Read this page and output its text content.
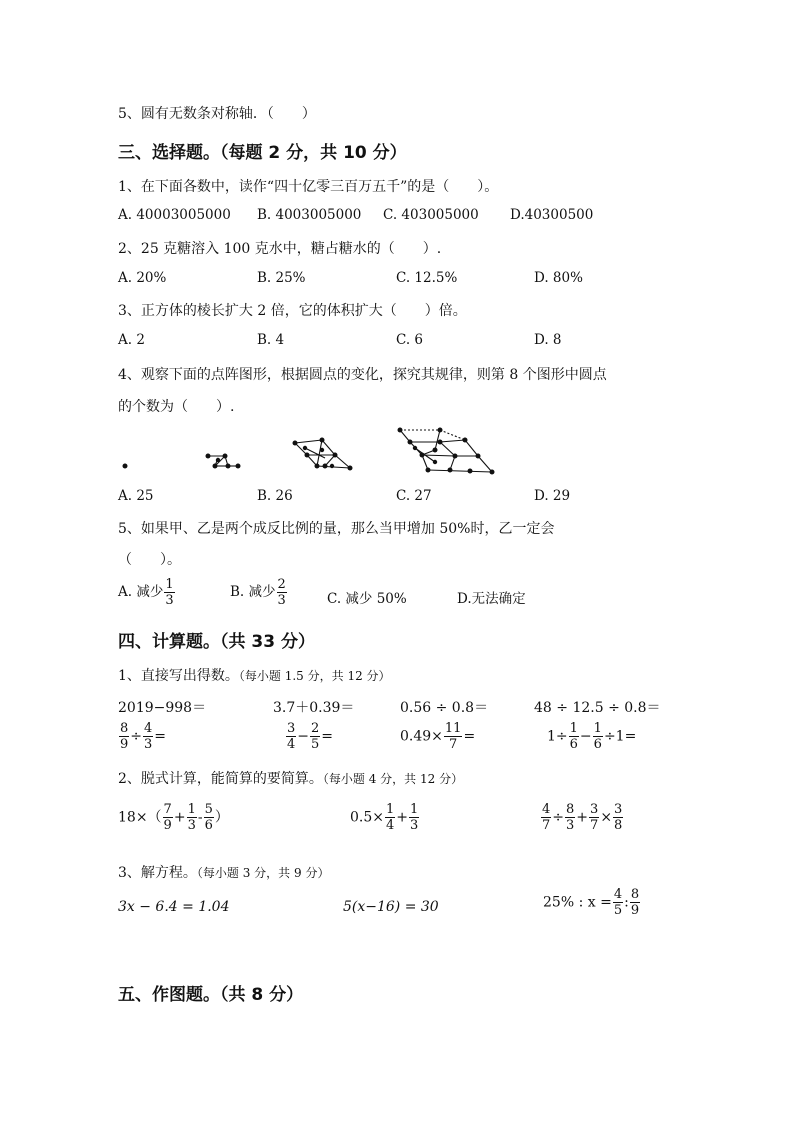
5、圆有无数条对称轴．（　　）
三、选择题。（每题 2 分，共 10 分）
1、在下面各数中，读作“四十亿零三百万五千”的是（　　）。
A. 40003005000 B. 4003005000 C. 403005000 D.40300500
2、25 克糖溶入 100 克水中，糖占糖水的（　　）.
A. 20%	B. 25%	C. 12.5%	D. 80%
3、正方体的棱长扩大 2 倍，它的体积扩大（　　）倍。
A. 2	B. 4	C. 6	D. 8
4、观察下面的点阵图形，根据圆点的变化，探究其规律，则第 8 个图形中圆点
的个数为（　　）.
A. 25	B. 26	C. 27	D. 29
5、如果甲、乙是两个成反比例的量，那么当甲增加 50%时，乙一定会
（　　）。
A. 减少 $\frac{1}{3}$	B. 减少 $\frac{2}{3}$	C. 减少 50%	D.无法确定
四、计算题。（共 33 分）
1、直接写出得数。（每小题 1.5 分，共 12 分）
2019−998＝	3.7＋0.39＝	0.56 ÷ 0.8＝	48 ÷ 12.5 ÷ 0.8＝
$\frac{8}{9} \div \frac{4}{3}$ =	$\frac{3}{4} - \frac{2}{5}$ =	$0.49\times \frac{11}{7}$ =	$1\div \frac{1}{6} - \frac{1}{6} \div 1=$
2、脱式计算，能简算的要简算。（每小题 4 分，共 12 分）
$18\times( \frac{7}{9} + \frac{1}{3} - \frac{5}{6}$ ）	$0.5\times \frac{1}{4} + \frac{1}{3}$	$\frac{4}{7} \div \frac{8}{3} + \frac{3}{7} \times \frac{3}{8}$
3、解方程。（每小题 3 分，共 9 分）
3x − 6.4 = 1.04	5(x−16) = 30	25% : $x = \frac{4}{5}$ : $\frac{8}{9}$
五、作图题。（共 8 分）
